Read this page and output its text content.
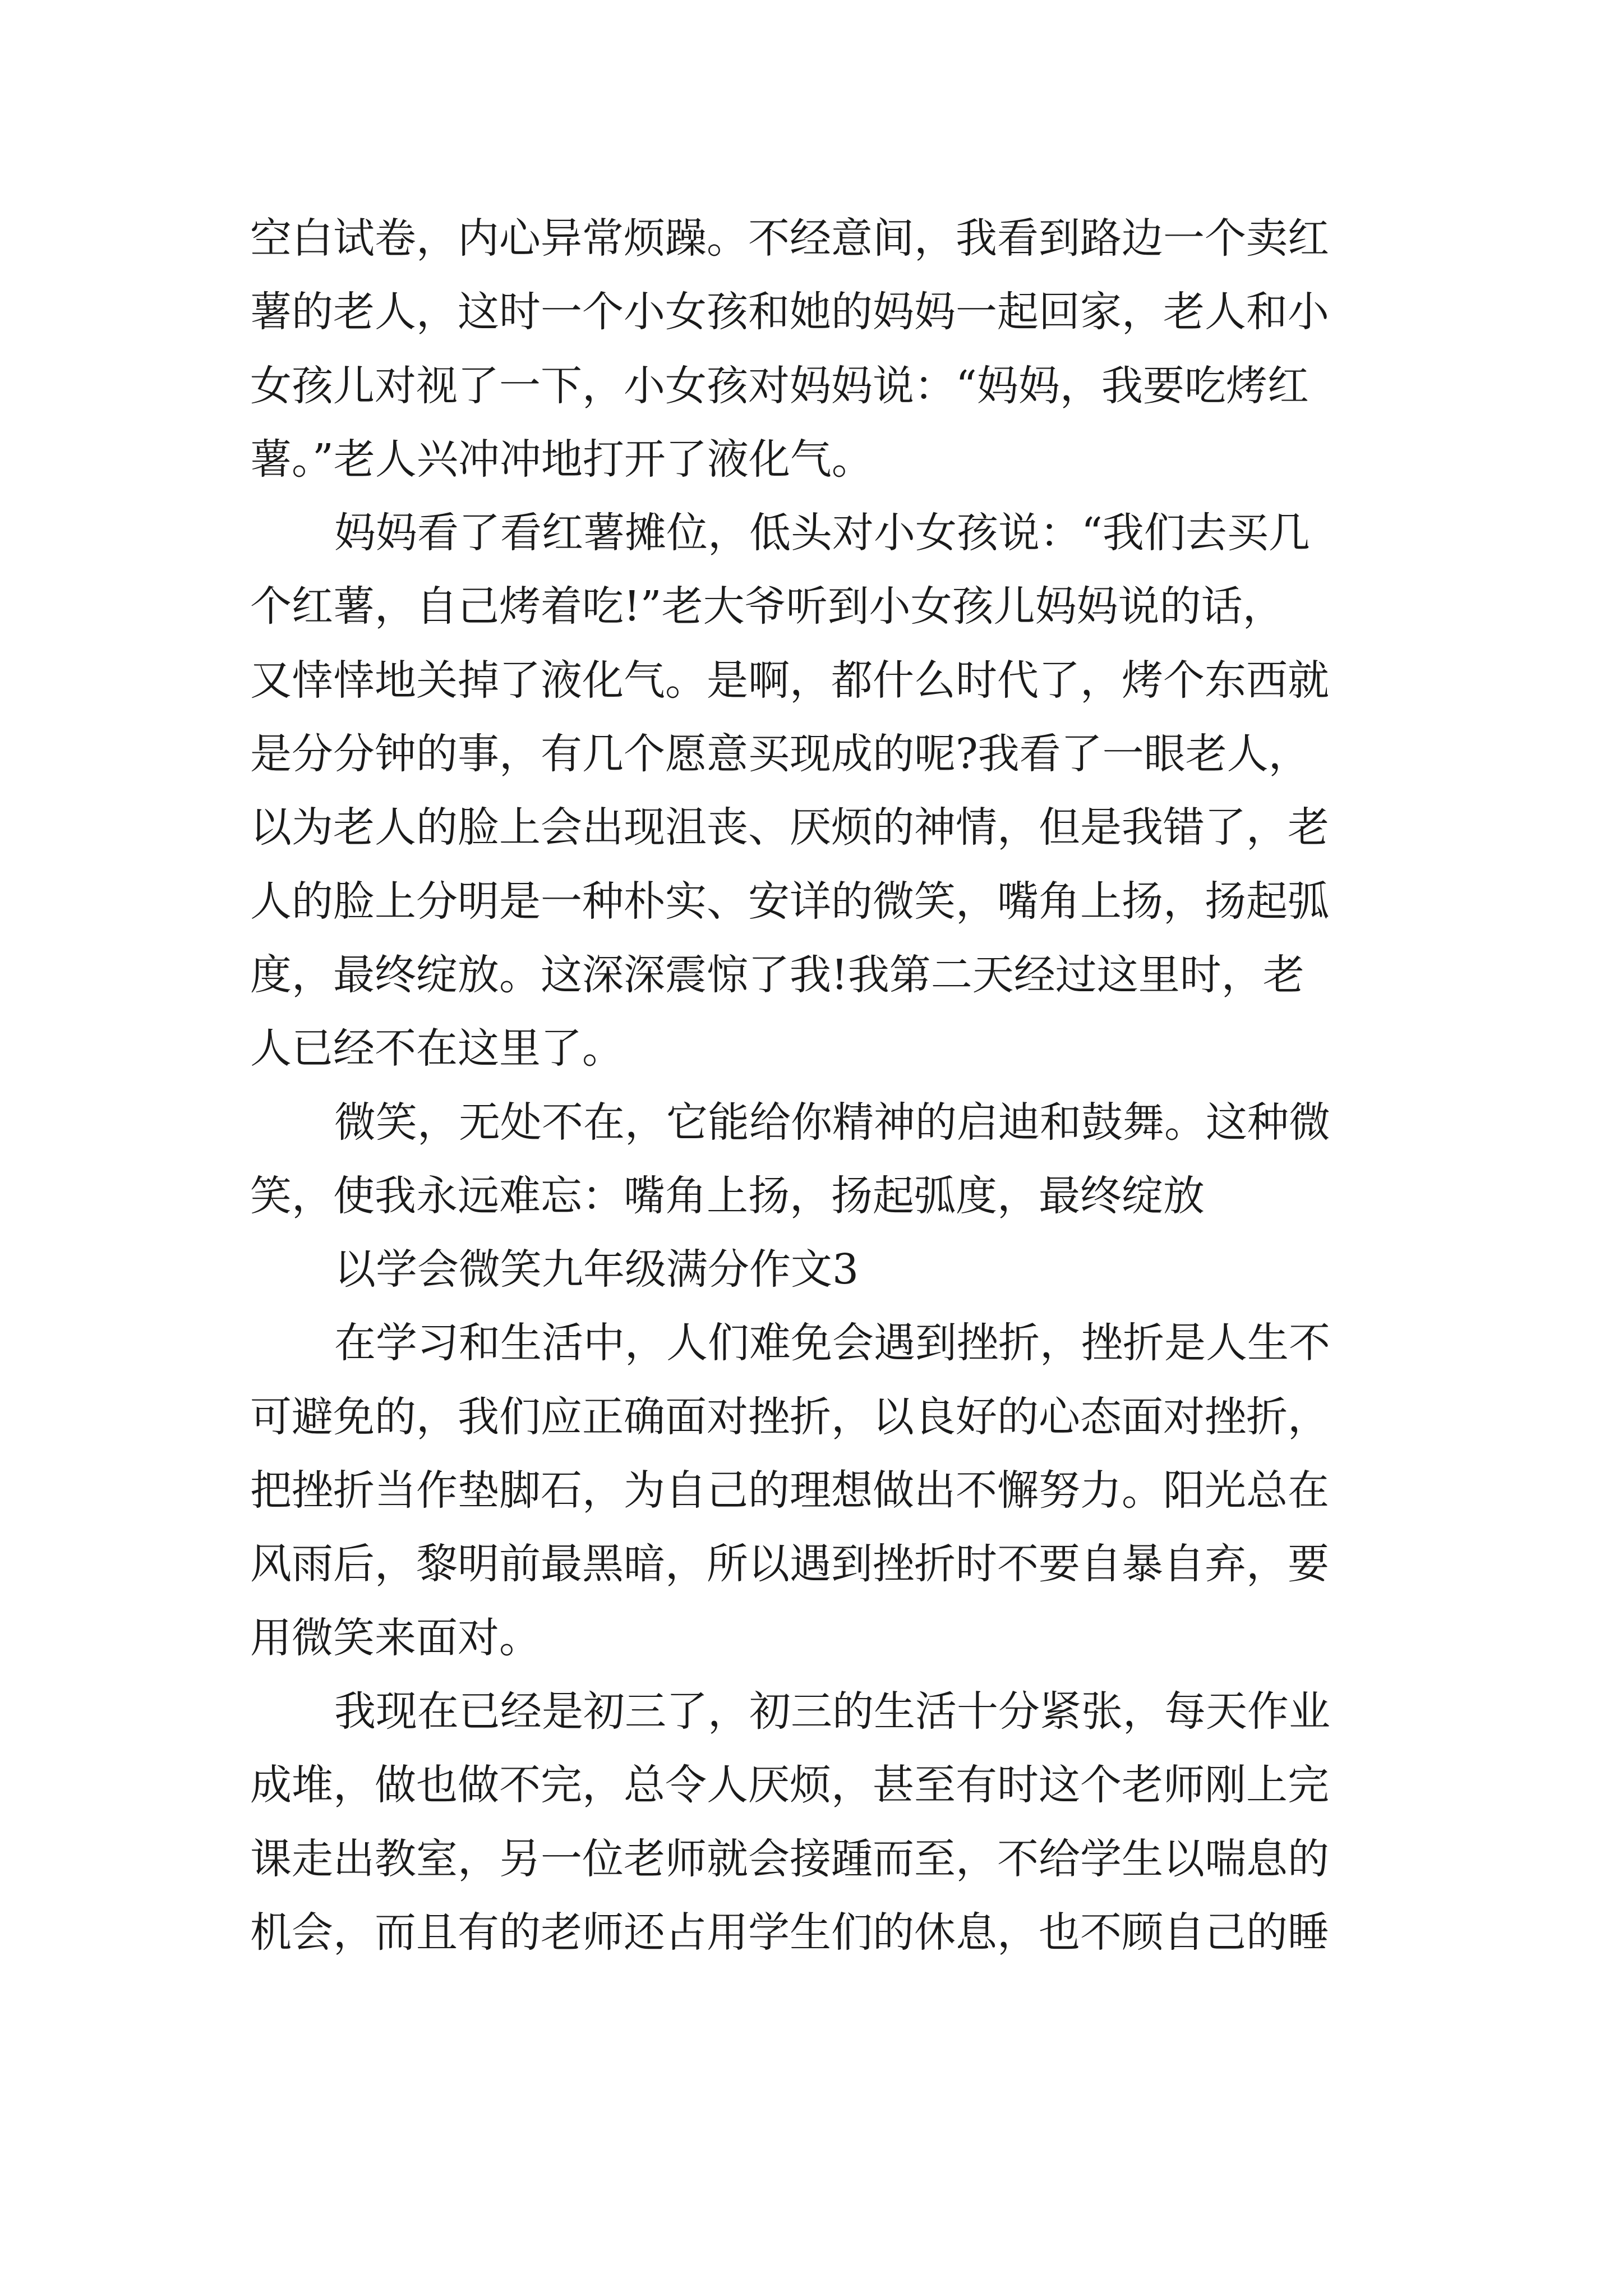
空白试卷，内心异常烦躁。不经意间，我看到路边一个卖红
薯的老人，这时一个小女孩和她的妈妈一起回家，老人和小
女孩儿对视了一下，小女孩对妈妈说：“妈妈，我要吃烤红
薯。”老人兴冲冲地打开了液化气。
妈妈看了看红薯摊位，低头对小女孩说：“我们去买几
个红薯，自己烤着吃!”老大爷听到小女孩儿妈妈说的话，
又悻悻地关掉了液化气。是啊，都什么时代了，烤个东西就
是分分钟的事，有几个愿意买现成的呢?我看了一眼老人，
以为老人的脸上会出现沮丧、厌烦的神情，但是我错了，老
人的脸上分明是一种朴实、安详的微笑，嘴角上扬，扬起弧
度，最终绽放。这深深震惊了我!我第二天经过这里时，老
人已经不在这里了。
微笑，无处不在，它能给你精神的启迪和鼓舞。这种微
笑，使我永远难忘：嘴角上扬，扬起弧度，最终绽放
以学会微笑九年级满分作文3
在学习和生活中，人们难免会遇到挫折，挫折是人生不
可避免的，我们应正确面对挫折，以良好的心态面对挫折，
把挫折当作垫脚石，为自己的理想做出不懈努力。阳光总在
风雨后，黎明前最黑暗，所以遇到挫折时不要自暴自弃，要
用微笑来面对。
我现在已经是初三了，初三的生活十分紧张，每天作业
成堆，做也做不完，总令人厌烦，甚至有时这个老师刚上完
课走出教室，另一位老师就会接踵而至，不给学生以喘息的
机会，而且有的老师还占用学生们的休息，也不顾自己的睡
